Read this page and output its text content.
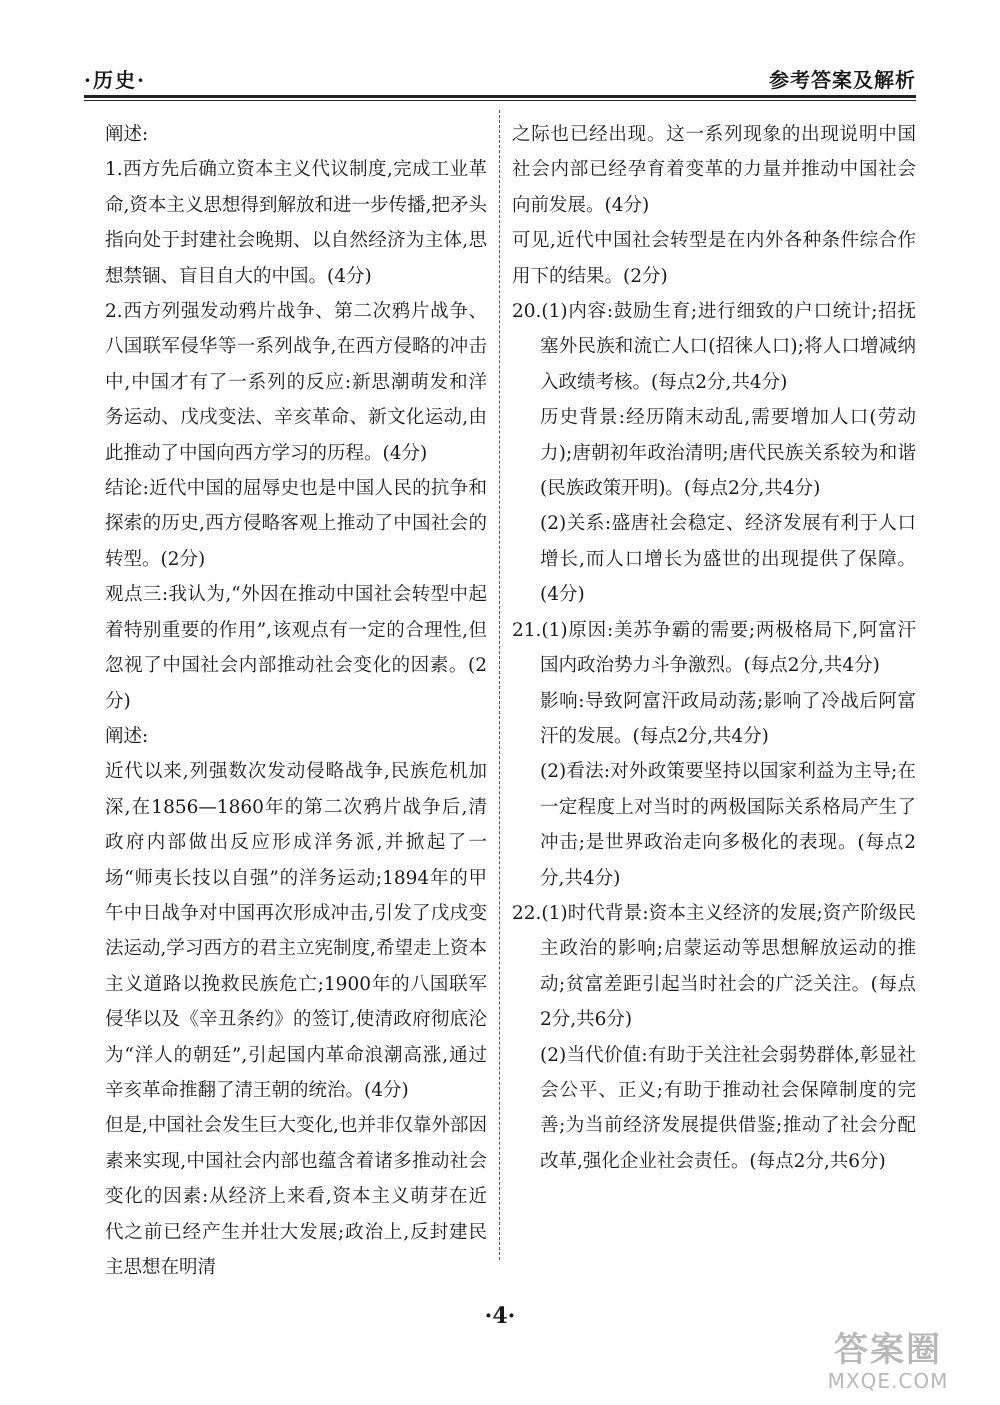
·历史·	参考答案及解析

阐述:

1.西方先后确立资本主义代议制度,完成工业革命,资本主义思想得到解放和进一步传播,把矛头指向处于封建社会晚期、以自然经济为主体,思想禁锢、盲目自大的中国。(4分)

2.西方列强发动鸦片战争、第二次鸦片战争、八国联军侵华等一系列战争,在西方侵略的冲击中,中国才有了一系列的反应:新思潮萌发和洋务运动、戊戌变法、辛亥革命、新文化运动,由此推动了中国向西方学习的历程。(4分)

结论:近代中国的屈辱史也是中国人民的抗争和探索的历史,西方侵略客观上推动了中国社会的转型。(2分)

观点三:我认为,“外因在推动中国社会转型中起着特别重要的作用”,该观点有一定的合理性,但忽视了中国社会内部推动社会变化的因素。(2分)

阐述:

近代以来,列强数次发动侵略战争,民族危机加深,在1856—1860年的第二次鸦片战争后,清政府内部做出反应形成洋务派,并掀起了一场“师夷长技以自强”的洋务运动;1894年的甲午中日战争对中国再次形成冲击,引发了戊戌变法运动,学习西方的君主立宪制度,希望走上资本主义道路以挽救民族危亡;1900年的八国联军侵华以及《辛丑条约》的签订,使清政府彻底沦为“洋人的朝廷”,引起国内革命浪潮高涨,通过辛亥革命推翻了清王朝的统治。(4分)

但是,中国社会发生巨大变化,也并非仅靠外部因素来实现,中国社会内部也蕴含着诸多推动社会变化的因素:从经济上来看,资本主义萌芽在近代之前已经产生并壮大发展;政治上,反封建民主思想在明清

之际也已经出现。这一系列现象的出现说明中国社会内部已经孕育着变革的力量并推动中国社会向前发展。(4分)

可见,近代中国社会转型是在内外各种条件综合作用下的结果。(2分)

20.(1)内容:鼓励生育;进行细致的户口统计;招抚塞外民族和流亡人口(招徕人口);将人口增减纳入政绩考核。(每点2分,共4分)

历史背景:经历隋末动乱,需要增加人口(劳动力);唐朝初年政治清明;唐代民族关系较为和谐(民族政策开明)。(每点2分,共4分)

(2)关系:盛唐社会稳定、经济发展有利于人口增长,而人口增长为盛世的出现提供了保障。(4分)

21.(1)原因:美苏争霸的需要;两极格局下,阿富汗国内政治势力斗争激烈。(每点2分,共4分)

影响:导致阿富汗政局动荡;影响了冷战后阿富汗的发展。(每点2分,共4分)

(2)看法:对外政策要坚持以国家利益为主导;在一定程度上对当时的两极国际关系格局产生了冲击;是世界政治走向多极化的表现。(每点2分,共4分)

22.(1)时代背景:资本主义经济的发展;资产阶级民主政治的影响;启蒙运动等思想解放运动的推动;贫富差距引起当时社会的广泛关注。(每点2分,共6分)

(2)当代价值:有助于关注社会弱势群体,彰显社会公平、正义;有助于推动社会保障制度的完善;为当前经济发展提供借鉴;推动了社会分配改革,强化企业社会责任。(每点2分,共6分)

·4·
答案圈
MXQE.COM
